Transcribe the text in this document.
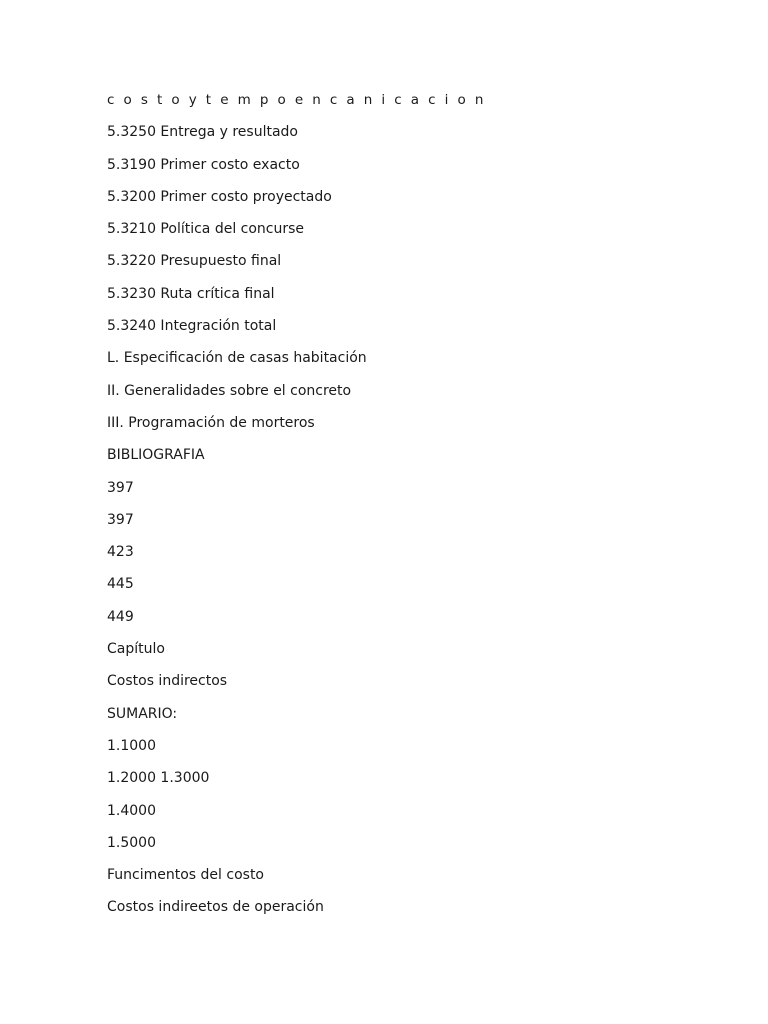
c o s t o y t e m p o e n c a n i c a c i o n
5.3250 Entrega y resultado
5.3190 Primer costo exacto
5.3200 Primer costo proyectado
5.3210 Política del concurse
5.3220 Presupuesto final
5.3230 Ruta crítica final
5.3240 Integración total
L. Especificación de casas habitación
II. Generalidades sobre el concreto
III. Programación de morteros
BIBLIOGRAFIA
397
397
423
445
449
Capítulo
Costos indirectos
SUMARIO:
1.1000
1.2000 1.3000
1.4000
1.5000
Funcimentos del costo
Costos indireetos de operación
